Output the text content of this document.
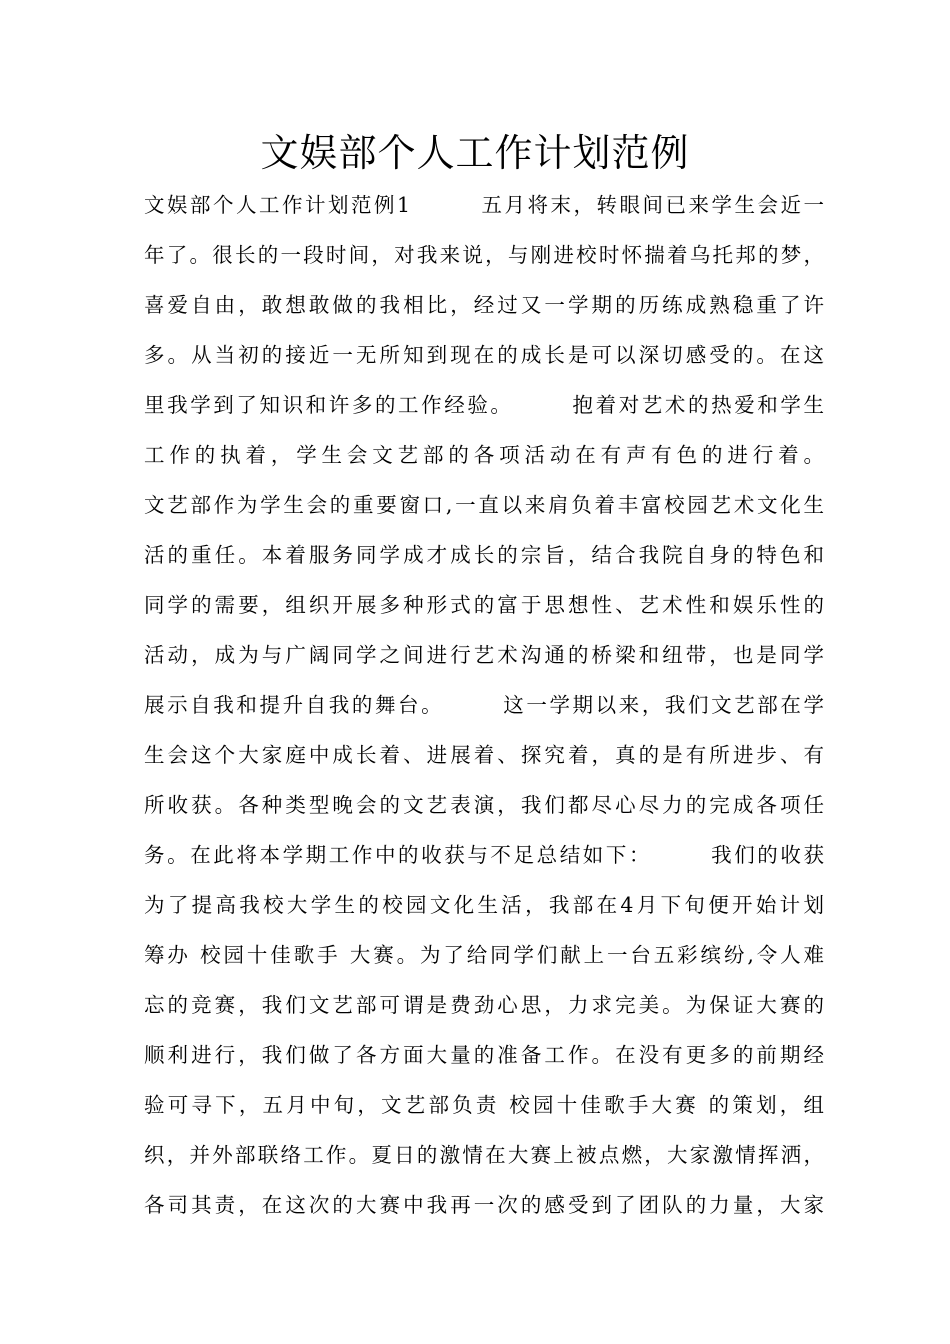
文娱部个人工作计划范例
文娱部个人工作计划范例1　　　五月将末，转眼间已来学生会近一
年了。很长的一段时间，对我来说，与刚进校时怀揣着乌托邦的梦，
喜爱自由，敢想敢做的我相比，经过又一学期的历练成熟稳重了许
多。从当初的接近一无所知到现在的成长是可以深切感受的。在这
里我学到了知识和许多的工作经验。　　　抱着对艺术的热爱和学生
工作的执着，学生会文艺部的各项活动在有声有色的进行着。
文艺部作为学生会的重要窗口,一直以来肩负着丰富校园艺术文化生
活的重任。本着服务同学成才成长的宗旨，结合我院自身的特色和
同学的需要，组织开展多种形式的富于思想性、艺术性和娱乐性的
活动，成为与广阔同学之间进行艺术沟通的桥梁和纽带，也是同学
展示自我和提升自我的舞台。　　　这一学期以来，我们文艺部在学
生会这个大家庭中成长着、进展着、探究着，真的是有所进步、有
所收获。各种类型晚会的文艺表演，我们都尽心尽力的完成各项任
务。在此将本学期工作中的收获与不足总结如下：　　　我们的收获
为了提高我校大学生的校园文化生活，我部在4月下旬便开始计划
筹办 校园十佳歌手 大赛。为了给同学们献上一台五彩缤纷,令人难
忘的竞赛，我们文艺部可谓是费劲心思，力求完美。为保证大赛的
顺利进行，我们做了各方面大量的准备工作。在没有更多的前期经
验可寻下，五月中旬，文艺部负责 校园十佳歌手大赛 的策划，组
织，并外部联络工作。夏日的激情在大赛上被点燃，大家激情挥洒，
各司其责，在这次的大赛中我再一次的感受到了团队的力量，大家
